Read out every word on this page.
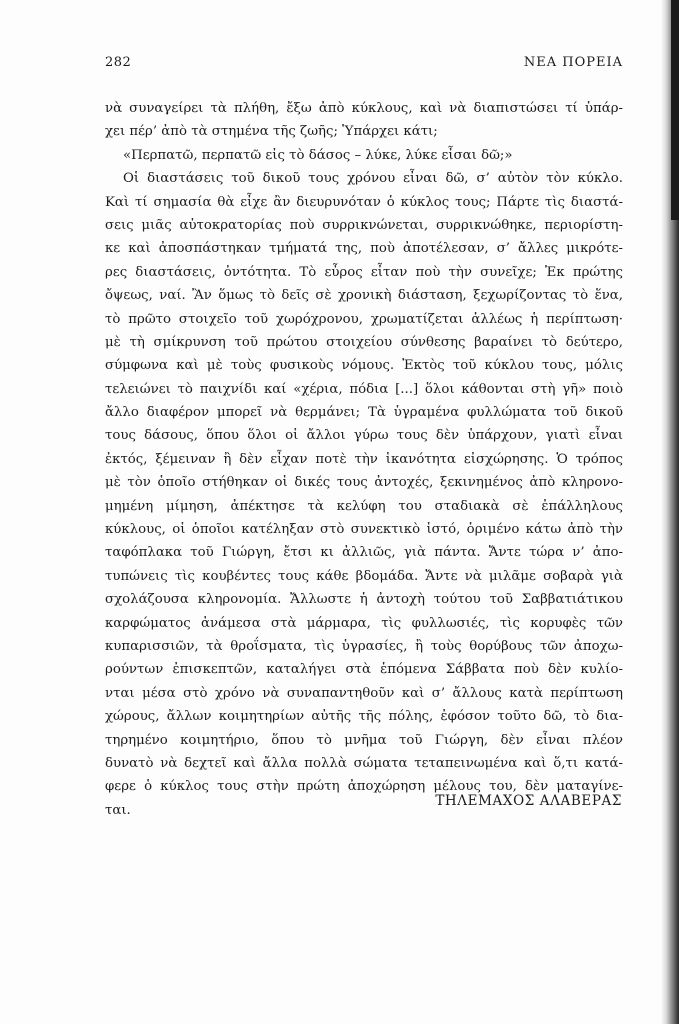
282	ΝΕΑ ΠΟΡΕΙΑ
νὰ συναγείρει τὰ πλήθη, ἔξω ἀπὸ κύκλους, καὶ νὰ διαπιστώσει τί ὑπάρ-
χει πέρ’ ἀπὸ τὰ στημένα τῆς ζωῆς; Ὑπάρχει κάτι;
«Περπατῶ, περπατῶ εἰς τὸ δάσος – λύκε, λύκε εἶσαι δῶ;»
Οἱ διαστάσεις τοῦ δικοῦ τους χρόνου εἶναι δῶ, σ’ αὐτὸν τὸν κύκλο.
Καὶ τί σημασία θὰ εἶχε ἂν διευρυνόταν ὁ κύκλος τους; Πάρτε τὶς διαστά-
σεις μιᾶς αὐτοκρατορίας ποὺ συρρικνώνεται, συρρικνώθηκε, περιορίστη-
κε καὶ ἀποσπάστηκαν τμήματά της, ποὺ ἀποτέλεσαν, σ’ ἄλλες μικρότε-
ρες διαστάσεις, ὀντότητα. Τὸ εὖρος εἶταν ποὺ τὴν συνεῖχε; Ἐκ πρώτης
ὄψεως, ναί. Ἂν ὅμως τὸ δεῖς σὲ χρονικὴ διάσταση, ξεχωρίζοντας τὸ ἕνα,
τὸ πρῶτο στοιχεῖο τοῦ χωρόχρονου, χρωματίζεται ἀλλέως ἡ περίπτωση·
μὲ τὴ σμίκρυνση τοῦ πρώτου στοιχείου σύνθεσης βαραίνει τὸ δεύτερο,
σύμφωνα καὶ μὲ τοὺς φυσικοὺς νόμους. Ἐκτὸς τοῦ κύκλου τους, μόλις
τελειώνει τὸ παιχνίδι καί «χέρια, πόδια [...] ὅλοι κάθονται στὴ γῆ» ποιὸ
ἄλλο διαφέρον μπορεῖ νὰ θερμάνει; Τὰ ὑγραμένα φυλλώματα τοῦ δικοῦ
τους δάσους, ὅπου ὅλοι οἱ ἄλλοι γύρω τους δὲν ὑπάρχουν, γιατὶ εἶναι
ἐκτός, ξέμειναν ἢ δὲν εἶχαν ποτὲ τὴν ἱκανότητα εἰσχώρησης. Ὁ τρόπος
μὲ τὸν ὁποῖο στήθηκαν οἱ δικές τους ἀντοχές, ξεκινημένος ἀπὸ κληρονο-
μημένη μίμηση, ἀπέκτησε τὰ κελύφη του σταδιακὰ σὲ ἐπάλληλους
κύκλους, οἱ ὁποῖοι κατέληξαν στὸ συνεκτικὸ ἱστό, ὁριμένο κάτω ἀπὸ τὴν
ταφόπλακα τοῦ Γιώργη, ἔτσι κι ἀλλιῶς, γιὰ πάντα. Ἄντε τώρα ν’ ἀπο-
τυπώνεις τὶς κουβέντες τους κάθε βδομάδα. Ἄντε νὰ μιλᾶμε σοβαρὰ γιὰ
σχολάζουσα κληρονομία. Ἄλλωστε ἡ ἀντοχὴ τούτου τοῦ Σαββατιάτικου
καρφώματος ἀνάμεσα στὰ μάρμαρα, τὶς φυλλωσιές, τὶς κορυφὲς τῶν
κυπαρισσιῶν, τὰ θροΐσματα, τὶς ὑγρασίες, ἢ τοὺς θορύβους τῶν ἀποχω-
ρούντων ἐπισκεπτῶν, καταλήγει στὰ ἑπόμενα Σάββατα ποὺ δὲν κυλίο-
νται μέσα στὸ χρόνο νὰ συναπαντηθοῦν καὶ σ’ ἄλλους κατὰ περίπτωση
χώρους, ἄλλων κοιμητηρίων αὐτῆς τῆς πόλης, ἐφόσον τοῦτο δῶ, τὸ δια-
τηρημένο κοιμητήριο, ὅπου τὸ μνῆμα τοῦ Γιώργη, δὲν εἶναι πλέον
δυνατὸ νὰ δεχτεῖ καὶ ἄλλα πολλὰ σώματα τεταπεινωμένα καὶ ὅ,τι κατά-
φερε ὁ κύκλος τους στὴν πρώτη ἀποχώρηση μέλους του, δὲν ματαγίνε-
ται.
ΤΗΛΕΜΑΧΟΣ ΑΛΑΒΕΡΑΣ
